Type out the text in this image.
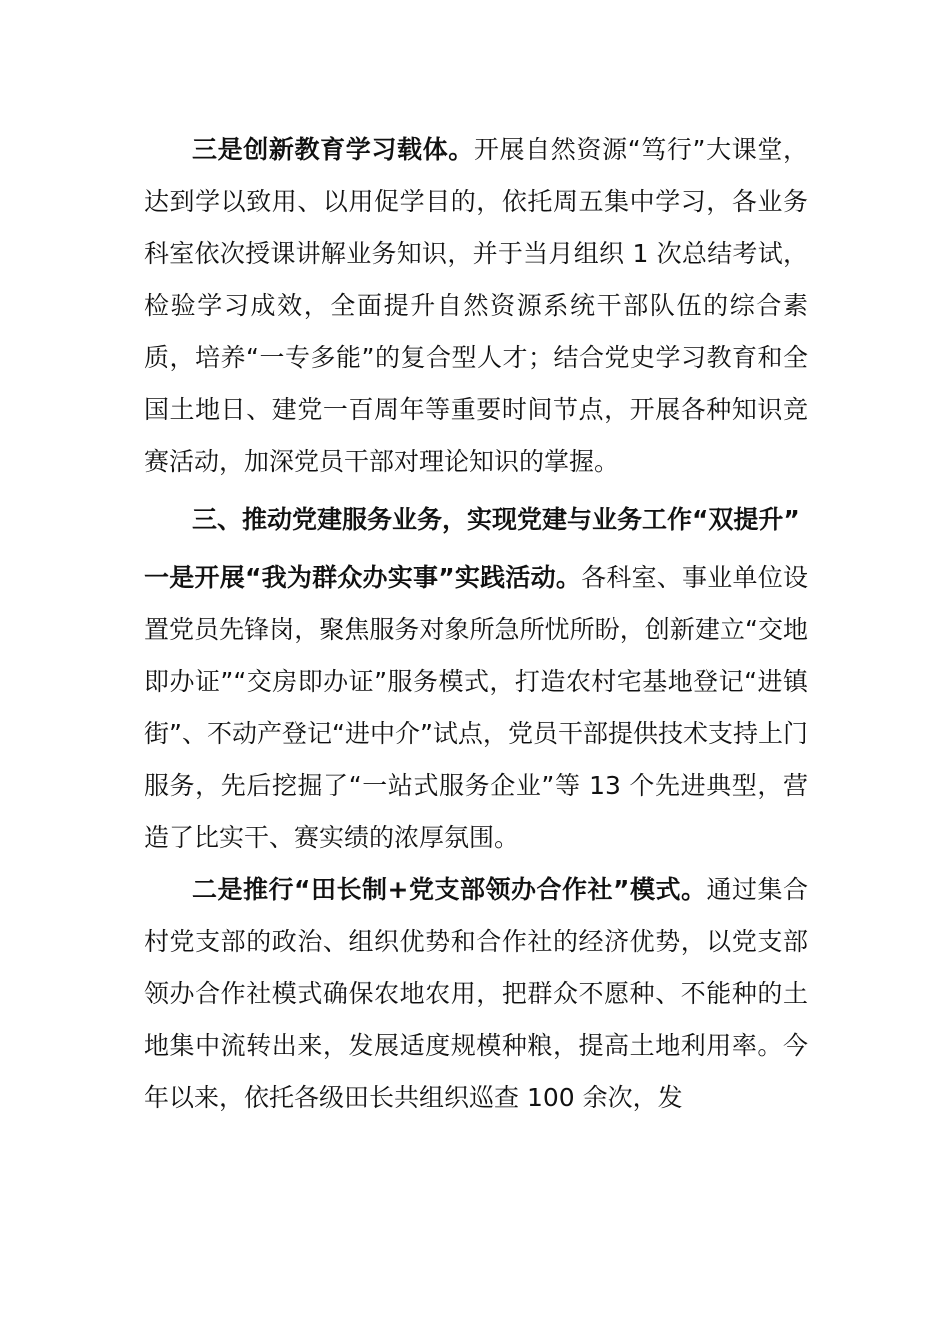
三是创新教育学习载体。开展自然资源“笃行”大课堂，达到学以致用、以用促学目的，依托周五集中学习，各业务科室依次授课讲解业务知识，并于当月组织 1 次总结考试，检验学习成效，全面提升自然资源系统干部队伍的综合素质，培养“一专多能”的复合型人才；结合党史学习教育和全国土地日、建党一百周年等重要时间节点，开展各种知识竞赛活动，加深党员干部对理论知识的掌握。

三、推动党建服务业务，实现党建与业务工作“双提升”

一是开展“我为群众办实事”实践活动。各科室、事业单位设置党员先锋岗，聚焦服务对象所急所忧所盼，创新建立“交地即办证”“交房即办证”服务模式，打造农村宅基地登记“进镇街”、不动产登记“进中介”试点，党员干部提供技术支持上门服务，先后挖掘了“一站式服务企业”等 13 个先进典型，营造了比实干、赛实绩的浓厚氛围。

二是推行“田长制+党支部领办合作社”模式。通过集合村党支部的政治、组织优势和合作社的经济优势，以党支部领办合作社模式确保农地农用，把群众不愿种、不能种的土地集中流转出来，发展适度规模种粮，提高土地利用率。今年以来，依托各级田长共组织巡查 100 余次，发
